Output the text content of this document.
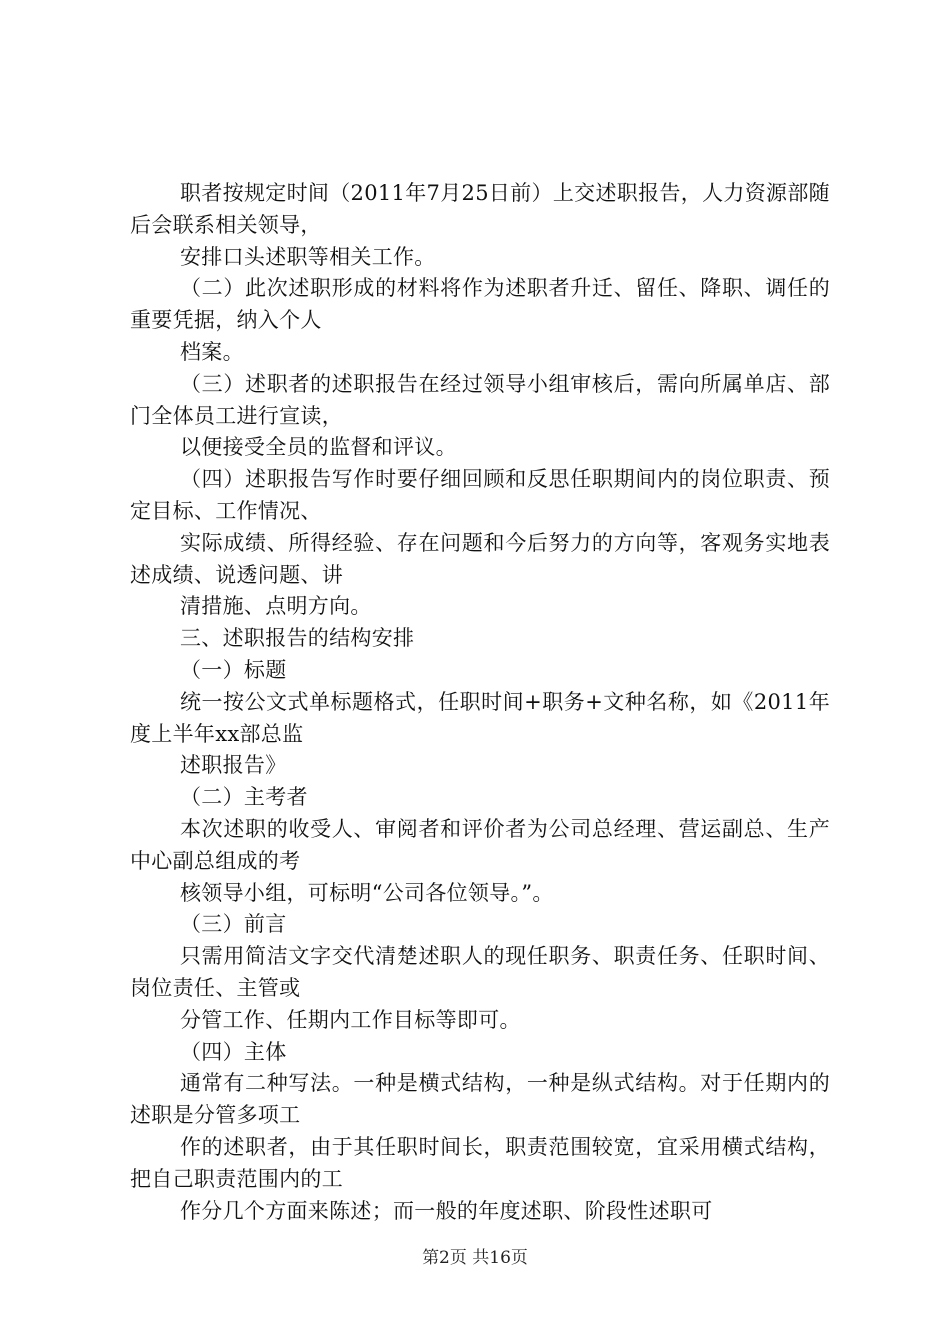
职者按规定时间（2011年7月25日前）上交述职报告，人力资源部随后会联系相关领导，

安排口头述职等相关工作。

（二）此次述职形成的材料将作为述职者升迁、留任、降职、调任的重要凭据，纳入个人

档案。

（三）述职者的述职报告在经过领导小组审核后，需向所属单店、部门全体员工进行宣读，

以便接受全员的监督和评议。

（四）述职报告写作时要仔细回顾和反思任职期间内的岗位职责、预定目标、工作情况、

实际成绩、所得经验、存在问题和今后努力的方向等，客观务实地表述成绩、说透问题、讲

清措施、点明方向。

三、述职报告的结构安排

（一）标题

统一按公文式单标题格式，任职时间+职务+文种名称，如《2011年度上半年xx部总监

述职报告》

（二）主考者

本次述职的收受人、审阅者和评价者为公司总经理、营运副总、生产中心副总组成的考

核领导小组，可标明“公司各位领导。”。

（三）前言

只需用简洁文字交代清楚述职人的现任职务、职责任务、任职时间、岗位责任、主管或

分管工作、任期内工作目标等即可。

（四）主体

通常有二种写法。一种是横式结构，一种是纵式结构。对于任期内的述职是分管多项工

作的述职者，由于其任职时间长，职责范围较宽，宜采用横式结构，把自己职责范围内的工

作分几个方面来陈述；而一般的年度述职、阶段性述职可

第2页 共16页
